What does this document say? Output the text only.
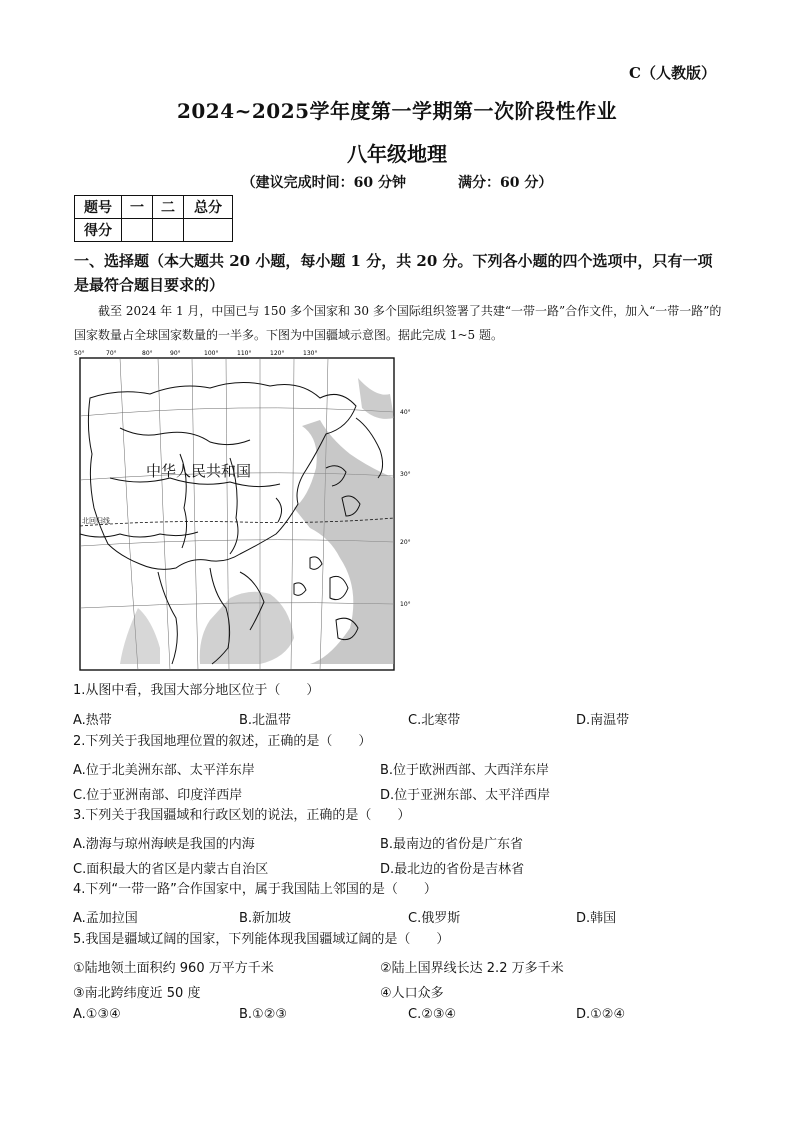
C（人教版）
2024~2025学年度第一学期第一次阶段性作业
八年级地理
（建议完成时间：60 分钟	满分：60 分）
题号	一	二	总分
得分			
一、选择题（本大题共 20 小题，每小题 1 分，共 20 分。下列各小题的四个选项中，只有一项是最符合题目要求的）
截至 2024 年 1 月，中国已与 150 多个国家和 30 多个国际组织签署了共建“一带一路”合作文件，加入“一带一路”的国家数量占全球国家数量的一半多。下图为中国疆域示意图。据此完成 1~5 题。
50°	70°	80°	90°	100°	110°	120°	130°
40°
30°
20°
10°
中华人民共和国
北回归线
1.从图中看，我国大部分地区位于（　　）
A.热带	B.北温带	C.北寒带	D.南温带
2.下列关于我国地理位置的叙述，正确的是（　　）
A.位于北美洲东部、太平洋东岸	B.位于欧洲西部、大西洋东岸
C.位于亚洲南部、印度洋西岸	D.位于亚洲东部、太平洋西岸
3.下列关于我国疆域和行政区划的说法，正确的是（　　）
A.渤海与琼州海峡是我国的内海	B.最南边的省份是广东省
C.面积最大的省区是内蒙古自治区	D.最北边的省份是吉林省
4.下列“一带一路”合作国家中，属于我国陆上邻国的是（　　）
A.孟加拉国	B.新加坡	C.俄罗斯	D.韩国
5.我国是疆域辽阔的国家，下列能体现我国疆域辽阔的是（　　）
①陆地领土面积约 960 万平方千米	②陆上国界线长达 2.2 万多千米
③南北跨纬度近 50 度	④人口众多
A.①③④	B.①②③	C.②③④	D.①②④
